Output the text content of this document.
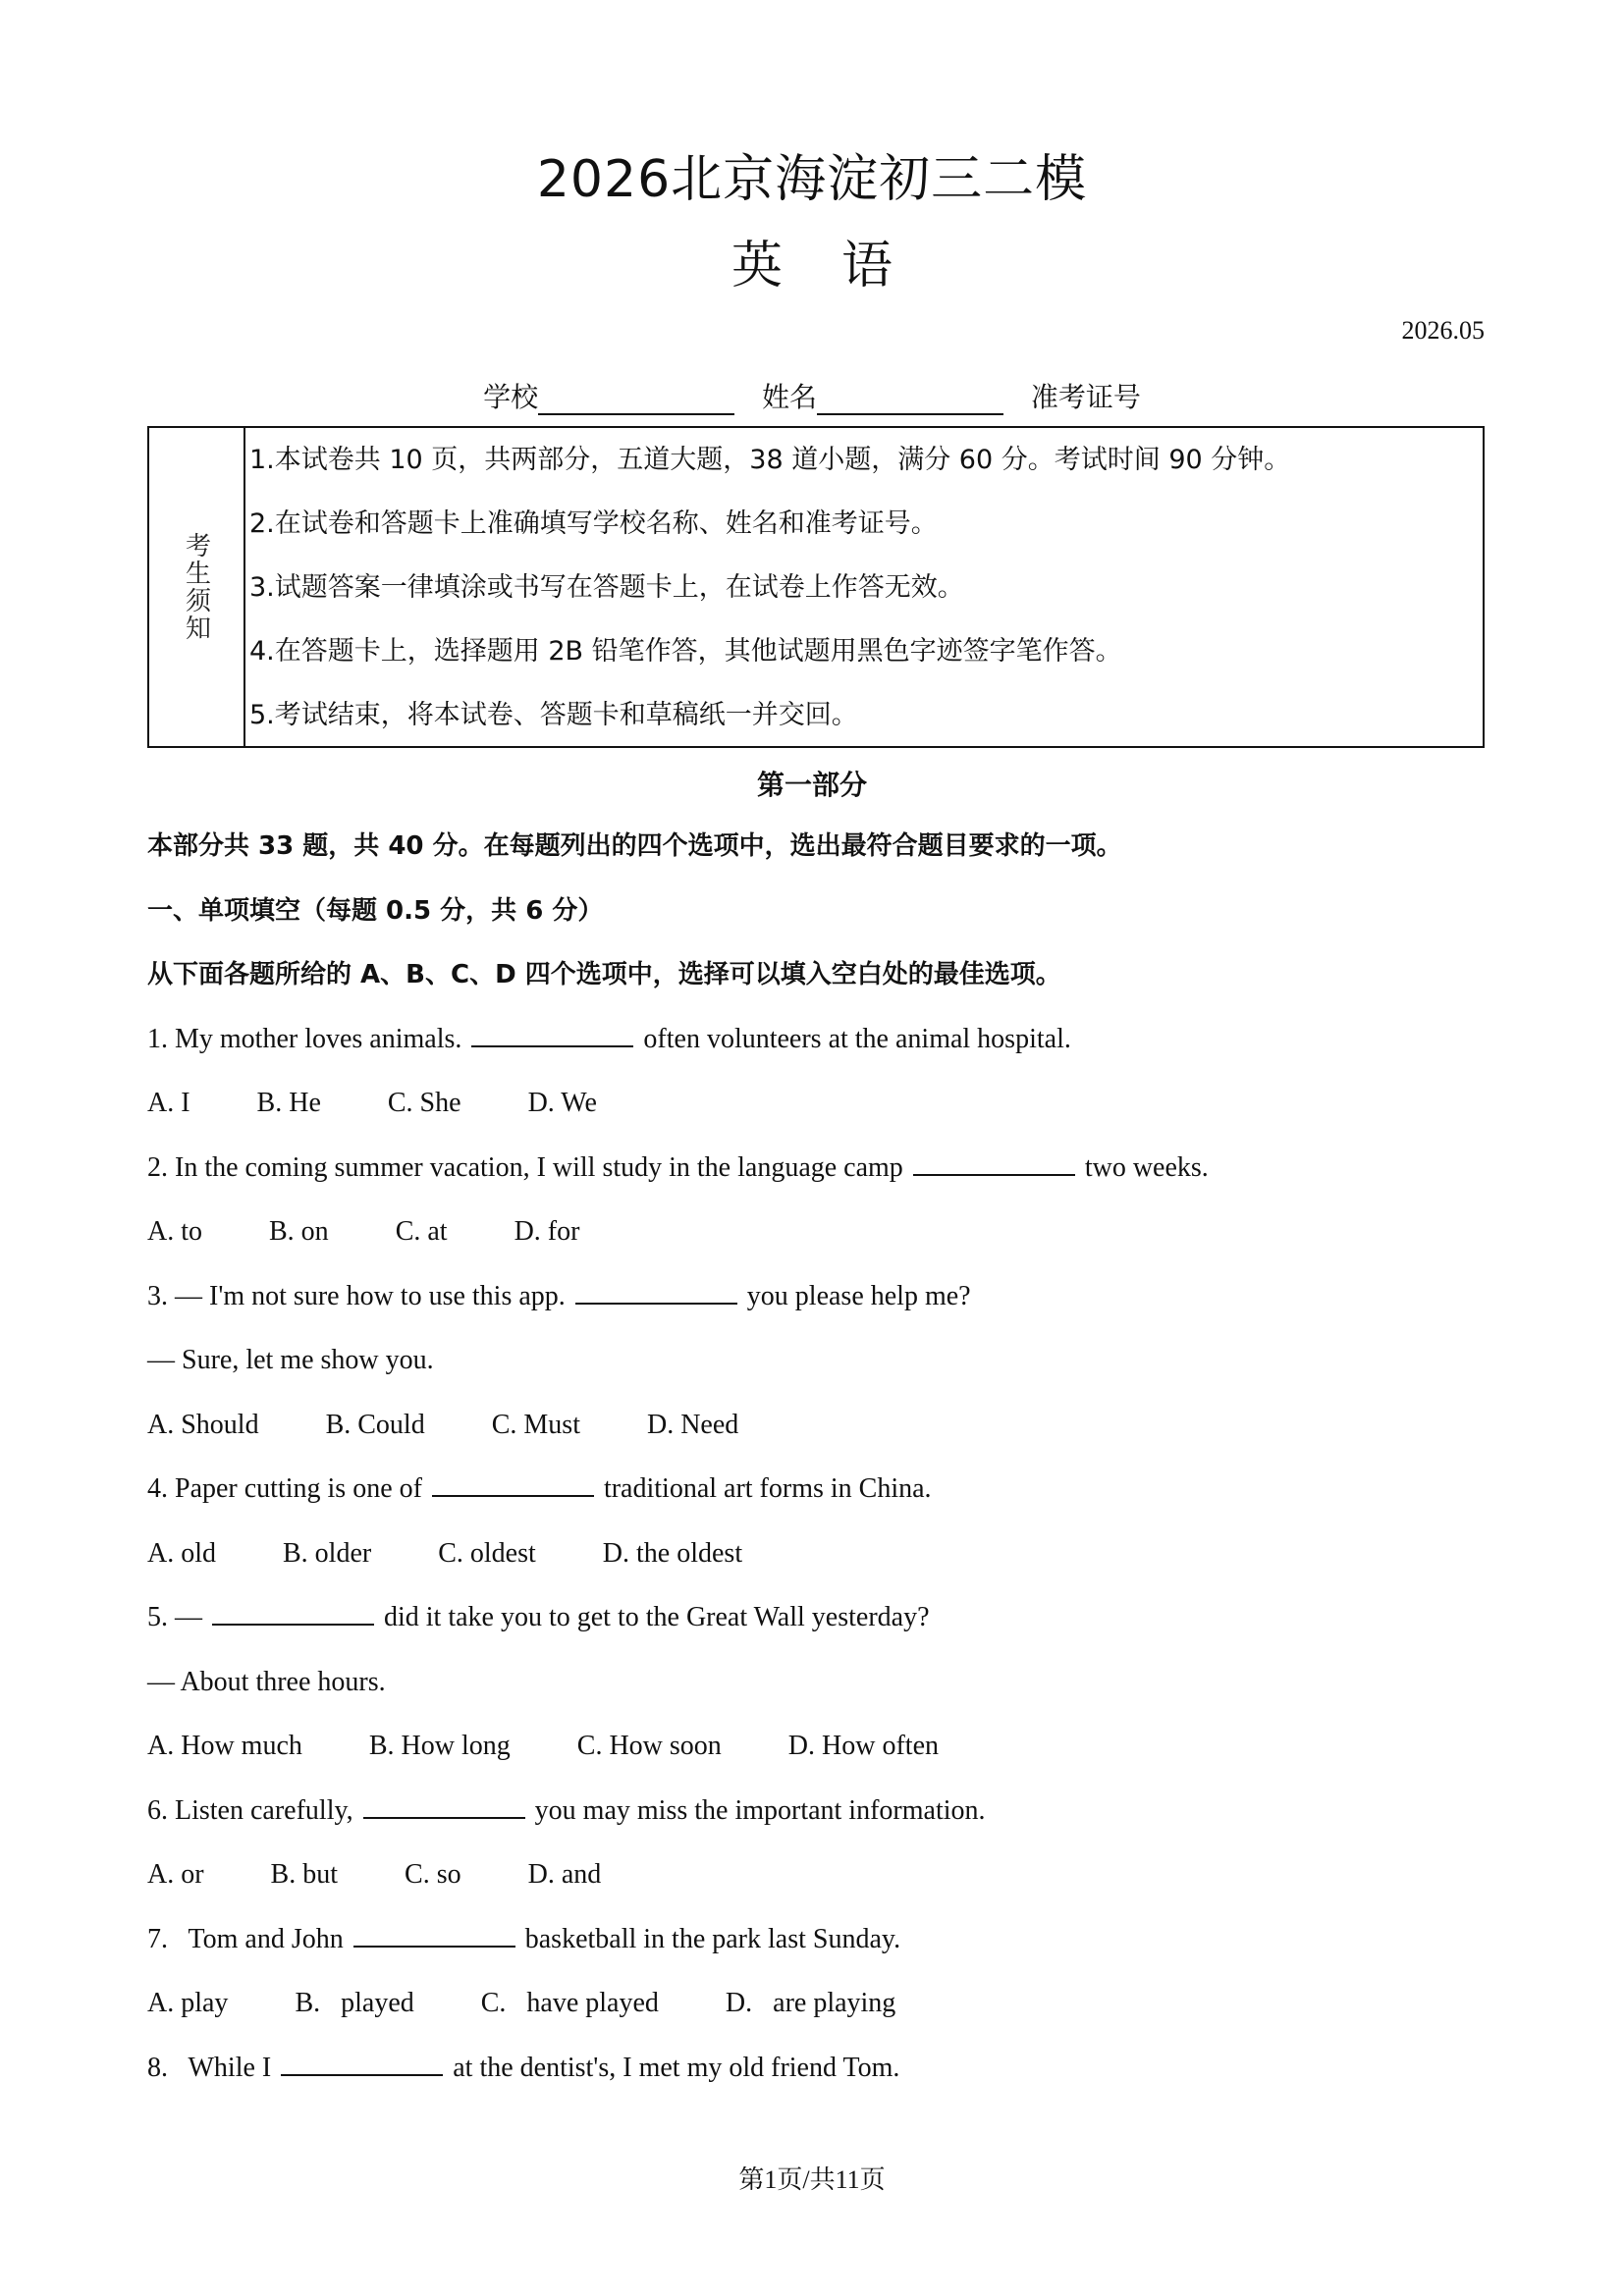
2026北京海淀初三二模
英语
2026.05
学校	姓名	准考证号
考生须知
1.本试卷共 10 页，共两部分，五道大题，38 道小题，满分 60 分。考试时间 90 分钟。
2.在试卷和答题卡上准确填写学校名称、姓名和准考证号。
3.试题答案一律填涂或书写在答题卡上，在试卷上作答无效。
4.在答题卡上，选择题用 2B 铅笔作答，其他试题用黑色字迹签字笔作答。
5.考试结束，将本试卷、答题卡和草稿纸一并交回。
第一部分
本部分共 33 题，共 40 分。在每题列出的四个选项中，选出最符合题目要求的一项。
一、单项填空（每题 0.5 分，共 6 分）
从下面各题所给的 A、B、C、D 四个选项中，选择可以填入空白处的最佳选项。
1. My mother loves animals.	often volunteers at the animal hospital.
A. I B. He C. She D. We
2. In the coming summer vacation, I will study in the language camp	two weeks.
A. to B. on C. at D. for
3. — I'm not sure how to use this app.	you please help me?
— Sure, let me show you.
A. Should B. Could C. Must D. Need
4. Paper cutting is one of	traditional art forms in China.
A. old B. older C. oldest D. the oldest
5. —	did it take you to get to the Great Wall yesterday?
— About three hours.
A. How much B. How long C. How soon D. How often
6. Listen carefully,	you may miss the important information.
A. or B. but C. so D. and
7.   Tom and John	basketball in the park last Sunday.
A. play B.   played C.   have played D.   are playing
8.   While I	at the dentist's, I met my old friend Tom.
第1页/共11页
